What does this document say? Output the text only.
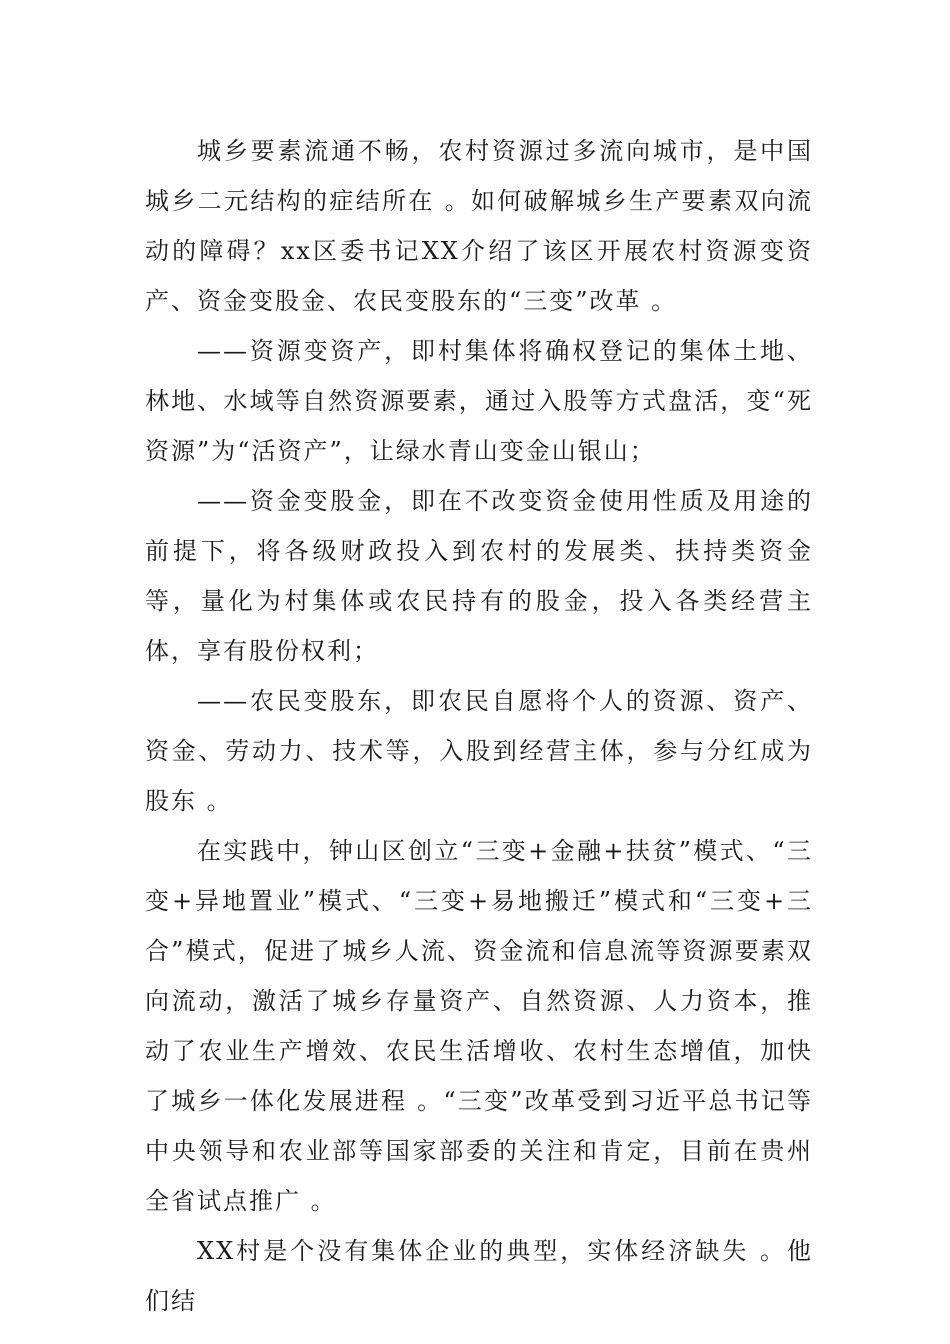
城乡要素流通不畅，农村资源过多流向城市，是中国城乡二元结构的症结所在 。如何破解城乡生产要素双向流动的障碍？xx区委书记XX介绍了该区开展农村资源变资产、资金变股金、农民变股东的“三变”改革 。

——资源变资产，即村集体将确权登记的集体土地、林地、水域等自然资源要素，通过入股等方式盘活，变“死资源”为“活资产”，让绿水青山变金山银山；

——资金变股金，即在不改变资金使用性质及用途的前提下，将各级财政投入到农村的发展类、扶持类资金等，量化为村集体或农民持有的股金，投入各类经营主体，享有股份权利；

——农民变股东，即农民自愿将个人的资源、资产、资金、劳动力、技术等，入股到经营主体，参与分红成为股东 。

在实践中，钟山区创立“三变+金融+扶贫”模式、“三变+异地置业”模式、“三变+易地搬迁”模式和“三变+三合”模式，促进了城乡人流、资金流和信息流等资源要素双向流动，激活了城乡存量资产、自然资源、人力资本，推动了农业生产增效、农民生活增收、农村生态增值，加快了城乡一体化发展进程 。“三变”改革受到习近平总书记等中央领导和农业部等国家部委的关注和肯定，目前在贵州全省试点推广 。

XX村是个没有集体企业的典型，实体经济缺失 。他们结
